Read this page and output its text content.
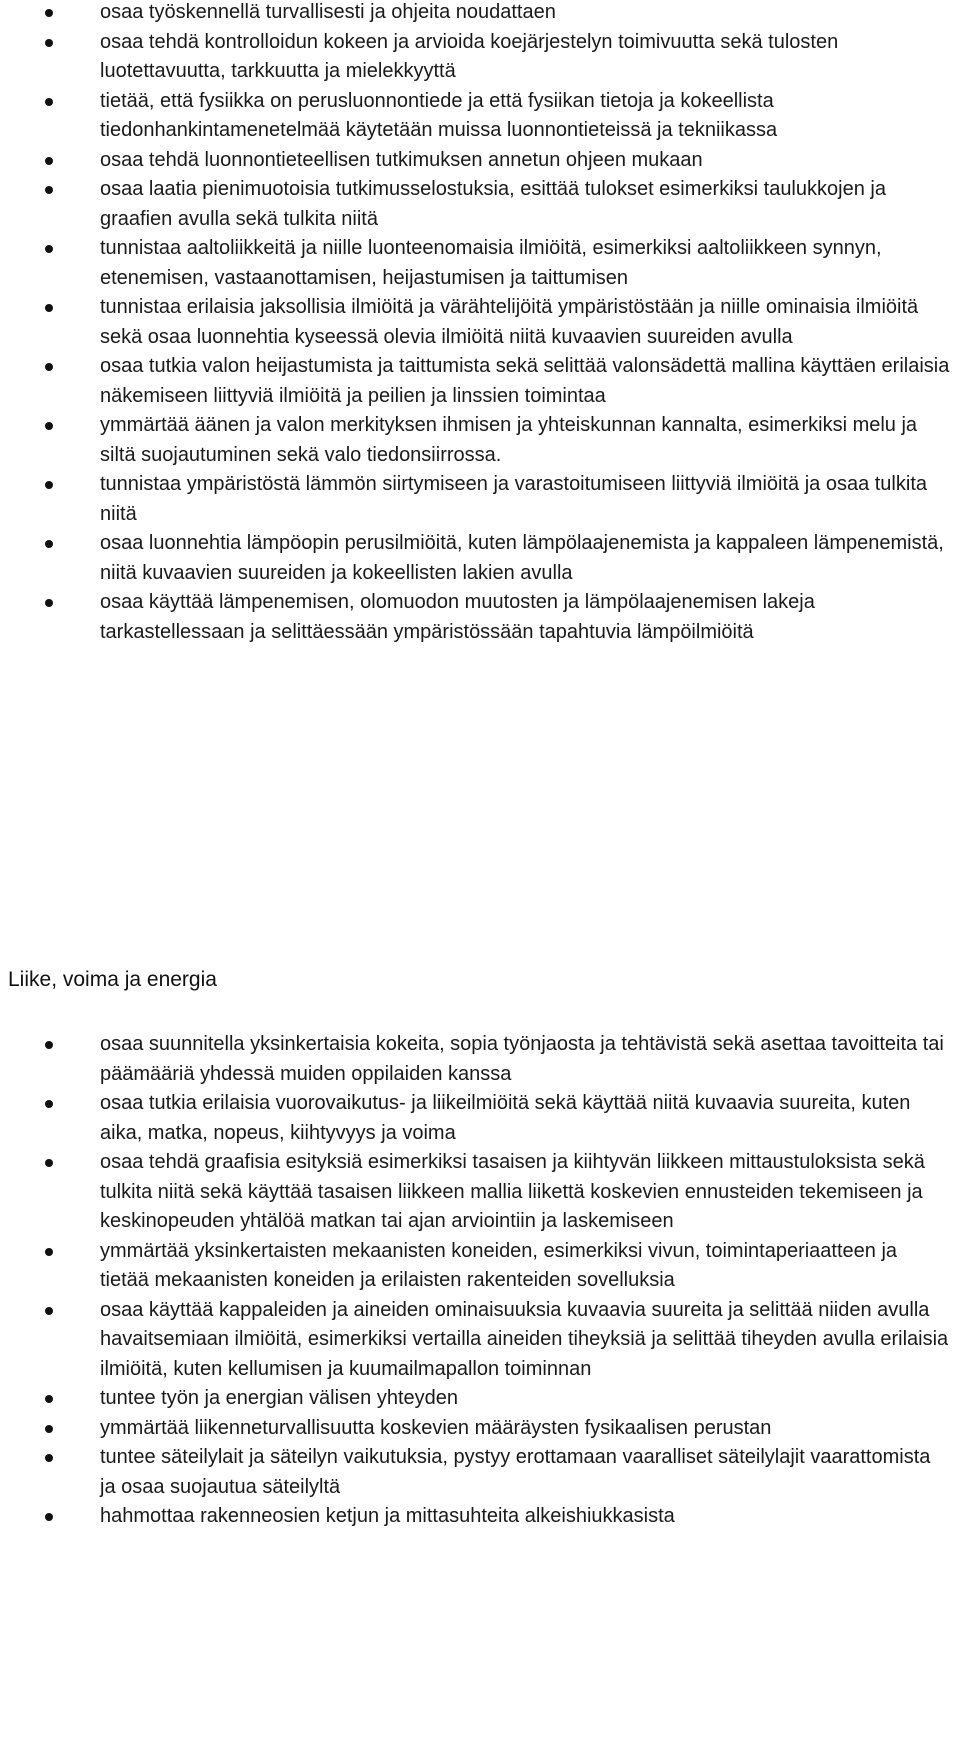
osaa työskennellä turvallisesti ja ohjeita noudattaen
osaa tehdä kontrolloidun kokeen ja arvioida koejärjestelyn toimivuutta sekä tulosten luotettavuutta, tarkkuutta ja mielekkyyttä
tietää, että fysiikka on perusluonnontiede ja että fysiikan tietoja ja kokeellista tiedonhankintamenetelmää käytetään muissa luonnontieteissä ja tekniikassa
osaa tehdä luonnontieteellisen tutkimuksen annetun ohjeen mukaan
osaa laatia pienimuotoisia tutkimusselostuksia, esittää tulokset esimerkiksi taulukkojen ja graafien avulla sekä tulkita niitä
tunnistaa aaltoliikkeitä ja niille luonteenomaisia ilmiöitä, esimerkiksi aaltoliikkeen synnyn, etenemisen, vastaanottamisen, heijastumisen ja taittumisen
tunnistaa erilaisia jaksollisia ilmiöitä ja värähtelijöitä ympäristöstään ja niille ominaisia ilmiöitä sekä osaa luonnehtia kyseessä olevia ilmiöitä niitä kuvaavien suureiden avulla
osaa tutkia valon heijastumista ja taittumista sekä selittää valonsädettä mallina käyttäen erilaisia näkemiseen liittyviä ilmiöitä ja peilien ja linssien toimintaa
ymmärtää äänen ja valon merkityksen ihmisen ja yhteiskunnan kannalta, esimerkiksi melu ja siltä suojautuminen sekä valo tiedonsiirrossa.
tunnistaa ympäristöstä lämmön siirtymiseen ja varastoitumiseen liittyviä ilmiöitä ja osaa tulkita niitä
osaa luonnehtia lämpöopin perusilmiöitä, kuten lämpölaajenemista ja kappaleen lämpenemistä, niitä kuvaavien suureiden ja kokeellisten lakien avulla
osaa käyttää lämpenemisen, olomuodon muutosten ja lämpölaajenemisen lakeja tarkastellessaan ja selittäessään ympäristössään tapahtuvia lämpöilmiöitä
Liike, voima ja energia
osaa suunnitella yksinkertaisia kokeita, sopia työnjaosta ja tehtävistä sekä asettaa tavoitteita tai päämääriä yhdessä muiden oppilaiden kanssa
osaa tutkia erilaisia vuorovaikutus- ja liikeilmiöitä sekä käyttää niitä kuvaavia suureita, kuten aika, matka, nopeus, kiihtyvyys ja voima
osaa tehdä graafisia esityksiä esimerkiksi tasaisen ja kiihtyvän liikkeen mittaustuloksista sekä tulkita niitä sekä käyttää tasaisen liikkeen mallia liikettä koskevien ennusteiden tekemiseen ja keskinopeuden yhtälöä matkan tai ajan arviointiin ja laskemiseen
ymmärtää yksinkertaisten mekaanisten koneiden, esimerkiksi vivun, toimintaperiaatteen ja tietää mekaanisten koneiden ja erilaisten rakenteiden sovelluksia
osaa käyttää kappaleiden ja aineiden ominaisuuksia kuvaavia suureita ja selittää niiden avulla havaitsemiaan ilmiöitä, esimerkiksi vertailla aineiden tiheyksiä ja selittää tiheyden avulla erilaisia ilmiöitä, kuten kellumisen ja kuumailmapallon toiminnan
tuntee työn ja energian välisen yhteyden
ymmärtää liikenneturvallisuutta koskevien määräysten fysikaalisen perustan
tuntee säteilylait ja säteilyn vaikutuksia, pystyy erottamaan vaaralliset säteilylajit vaarattomista ja osaa suojautua säteilyltä
hahmottaa rakenneosien ketjun ja mittasuhteita alkeishiukkasista
